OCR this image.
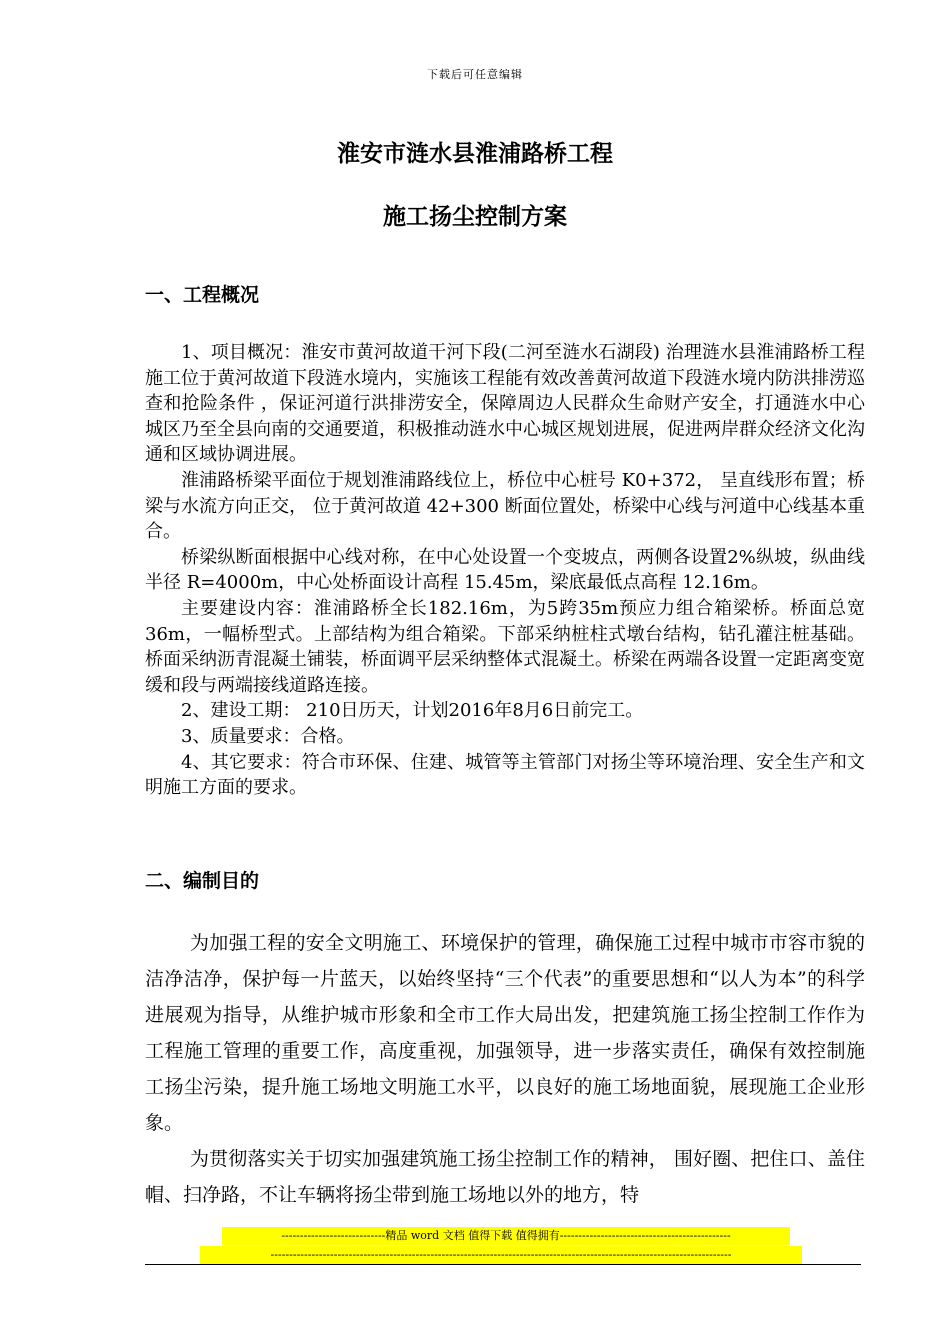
下载后可任意编辑
淮安市涟水县淮浦路桥工程
施工扬尘控制方案
一、工程概况

1、项目概况：淮安市黄河故道干河下段(二河至涟水石湖段) 治理涟水县淮浦路桥工程施工位于黄河故道下段涟水境内，实施该工程能有效改善黄河故道下段涟水境内防洪排涝巡查和抢险条件 ，保证河道行洪排涝安全，保障周边人民群众生命财产安全，打通涟水中心城区乃至全县向南的交通要道，积极推动涟水中心城区规划进展，促进两岸群众经济文化沟通和区域协调进展。

淮浦路桥梁平面位于规划淮浦路线位上，桥位中心桩号 K0+372， 呈直线形布置；桥梁与水流方向正交， 位于黄河故道 42+300 断面位置处，桥梁中心线与河道中心线基本重合。

桥梁纵断面根据中心线对称，在中心处设置一个变坡点，两侧各设置2%纵坡，纵曲线半径 R=4000m，中心处桥面设计高程 15.45m，梁底最低点高程 12.16m。

主要建设内容：淮浦路桥全长182.16m，为5跨35m预应力组合箱梁桥。桥面总宽36m，一幅桥型式。上部结构为组合箱梁。下部采纳桩柱式墩台结构，钻孔灌注桩基础。桥面采纳沥青混凝土铺装，桥面调平层采纳整体式混凝土。桥梁在两端各设置一定距离变宽缓和段与两端接线道路连接。

2、建设工期： 210日历天，计划2016年8月6日前完工。

3、质量要求：合格。

4、其它要求：符合市环保、住建、城管等主管部门对扬尘等环境治理、安全生产和文明施工方面的要求。

二、编制目的

为加强工程的安全文明施工、环境保护的管理，确保施工过程中城市市容市貌的洁净洁净，保护每一片蓝天，以始终坚持“三个代表”的重要思想和“以人为本”的科学进展观为指导，从维护城市形象和全市工作大局出发，把建筑施工扬尘控制工作作为工程施工管理的重要工作，高度重视，加强领导，进一步落实责任，确保有效控制施工扬尘污染，提升施工场地文明施工水平，以良好的施工场地面貌，展现施工企业形象。

为贯彻落实关于切实加强建筑施工扬尘控制工作的精神， 围好圈、把住口、盖住帽、扫净路，不让车辆将扬尘带到施工场地以外的地方，特

----------------------------精品 word 文档 值得下载 值得拥有----------------------------------------------
----------------------------------------------------------------------------------------------------------------------------
